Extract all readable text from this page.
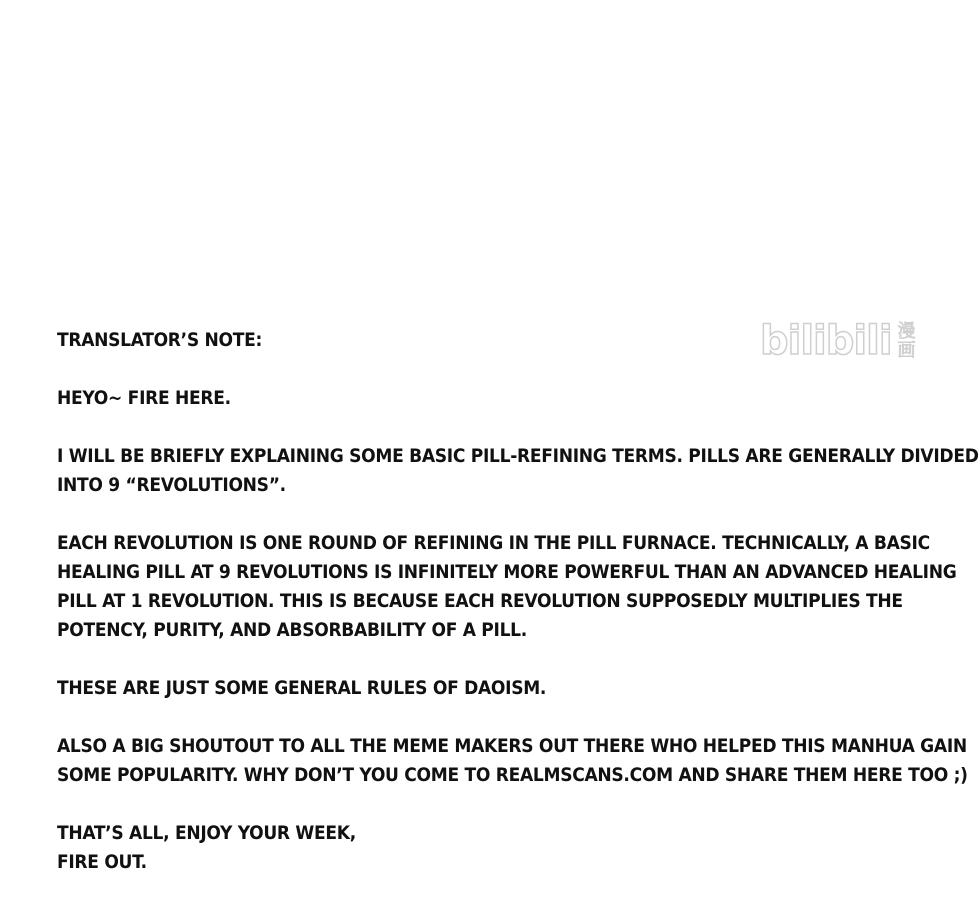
bilibili 漫
画
TRANSLATOR’S NOTE:
HEYO~ FIRE HERE.
I WILL BE BRIEFLY EXPLAINING SOME BASIC PILL-REFINING TERMS. PILLS ARE GENERALLY DIVIDED
INTO 9 “REVOLUTIONS”.
EACH REVOLUTION IS ONE ROUND OF REFINING IN THE PILL FURNACE. TECHNICALLY, A BASIC
HEALING PILL AT 9 REVOLUTIONS IS INFINITELY MORE POWERFUL THAN AN ADVANCED HEALING
PILL AT 1 REVOLUTION. THIS IS BECAUSE EACH REVOLUTION SUPPOSEDLY MULTIPLIES THE
POTENCY, PURITY, AND ABSORBABILITY OF A PILL.
THESE ARE JUST SOME GENERAL RULES OF DAOISM.
ALSO A BIG SHOUTOUT TO ALL THE MEME MAKERS OUT THERE WHO HELPED THIS MANHUA GAIN
SOME POPULARITY. WHY DON’T YOU COME TO REALMSCANS.COM AND SHARE THEM HERE TOO ;)
THAT’S ALL, ENJOY YOUR WEEK,
FIRE OUT.
